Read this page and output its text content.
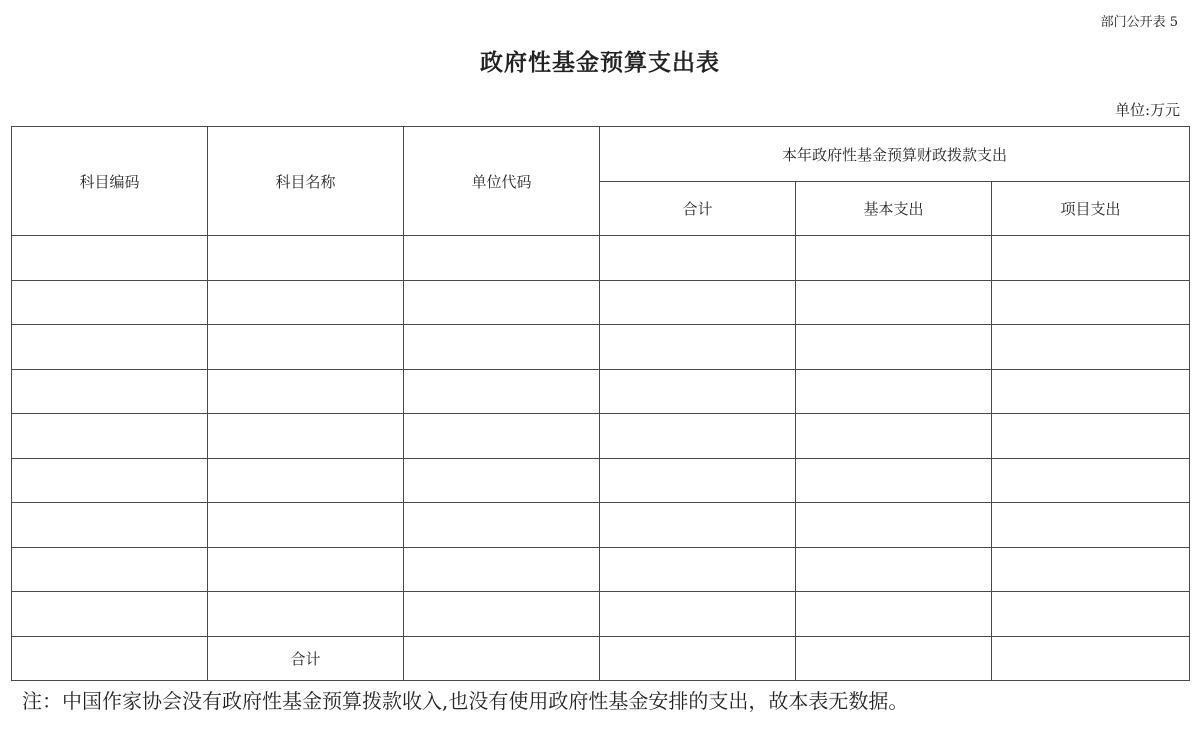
部门公开表 5
政府性基金预算支出表
单位:万元
科目编码	科目名称	单位代码	本年政府性基金预算财政拨款支出		
			合计	基本支出	项目支出

	合计				
注：中国作家协会没有政府性基金预算拨款收入,也没有使用政府性基金安排的支出，故本表无数据。
